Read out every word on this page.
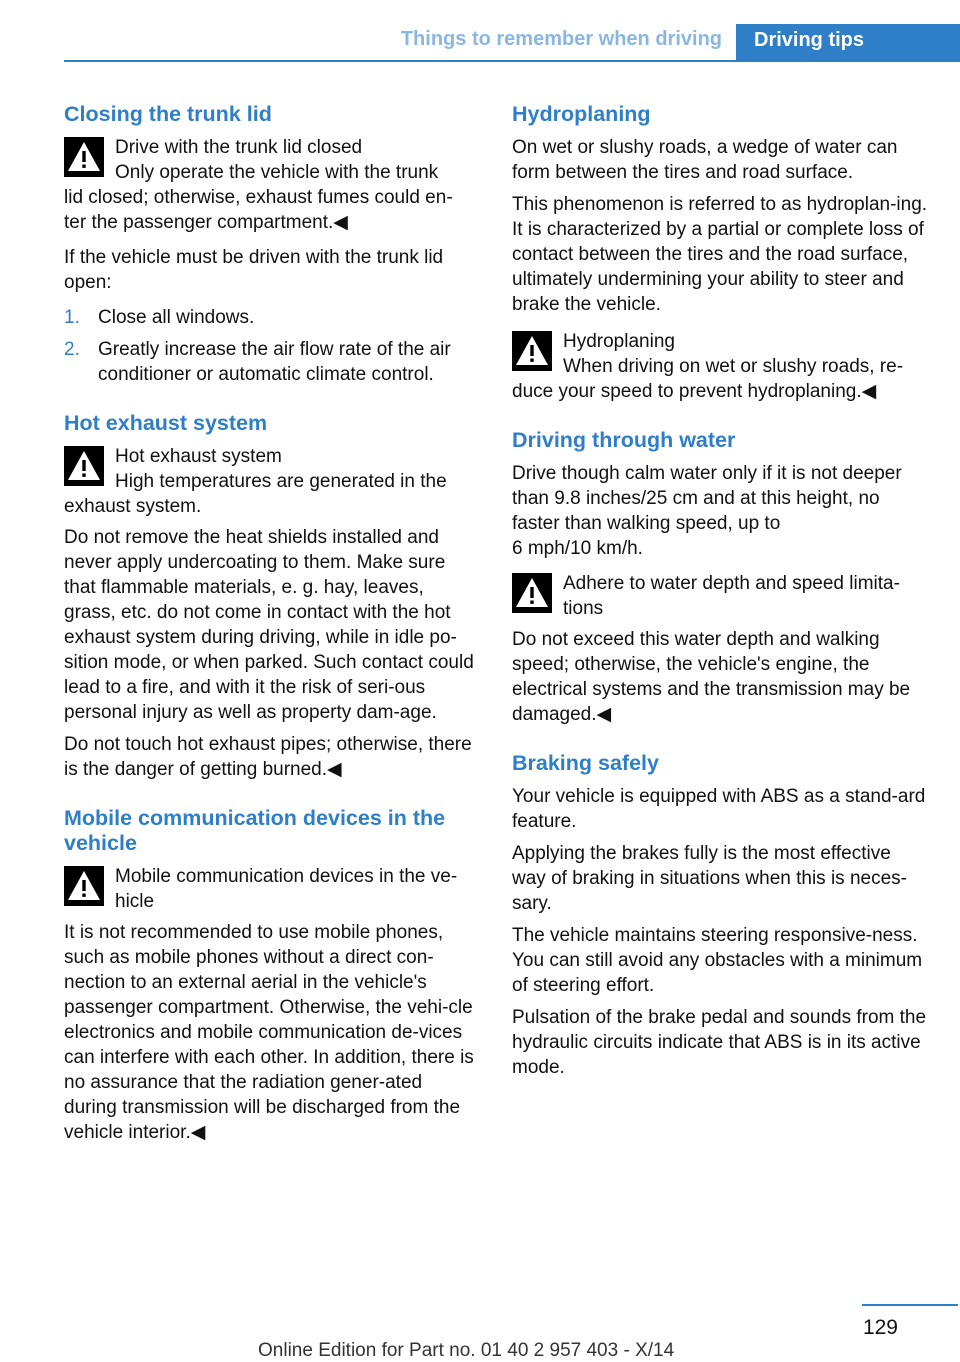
Things to remember when driving	Driving tips
Closing the trunk lid
Drive with the trunk lid closed
Only operate the vehicle with the trunk
lid closed; otherwise, exhaust fumes could en-
ter the passenger compartment.◀

If the vehicle must be driven with the trunk lid open:

1. Close all windows.
2. Greatly increase the air flow rate of the air conditioner or automatic climate control.
Hot exhaust system
Hot exhaust system
High temperatures are generated in the
exhaust system.

Do not remove the heat shields installed and never apply undercoating to them. Make sure that flammable materials, e. g. hay, leaves, grass, etc. do not come in contact with the hot exhaust system during driving, while in idle po-sition mode, or when parked. Such contact could lead to a fire, and with it the risk of seri-ous personal injury as well as property dam-age.

Do not touch hot exhaust pipes; otherwise, there is the danger of getting burned.◀

Mobile communication devices in the vehicle
Mobile communication devices in the ve-
hicle

It is not recommended to use mobile phones, such as mobile phones without a direct con-nection to an external aerial in the vehicle's passenger compartment. Otherwise, the vehi-cle electronics and mobile communication de-vices can interfere with each other. In addition, there is no assurance that the radiation gener-ated during transmission will be discharged from the vehicle interior.◀

Hydroplaning

On wet or slushy roads, a wedge of water can form between the tires and road surface.

This phenomenon is referred to as hydroplan-ing. It is characterized by a partial or complete loss of contact between the tires and the road surface, ultimately undermining your ability to steer and brake the vehicle.

Hydroplaning
When driving on wet or slushy roads, re-
duce your speed to prevent hydroplaning.◀
Driving through water

Drive though calm water only if it is not deeper than 9.8 inches/25 cm and at this height, no faster than walking speed, up to

6 mph/10 km/h.

Adhere to water depth and speed limita-
tions

Do not exceed this water depth and walking speed; otherwise, the vehicle's engine, the electrical systems and the transmission may be damaged.◀

Braking safely

Your vehicle is equipped with ABS as a stand-ard feature.

Applying the brakes fully is the most effective way of braking in situations when this is neces-sary.

The vehicle maintains steering responsive-ness. You can still avoid any obstacles with a minimum of steering effort.

Pulsation of the brake pedal and sounds from the hydraulic circuits indicate that ABS is in its active mode.

129
Online Edition for Part no. 01 40 2 957 403 - X/14
